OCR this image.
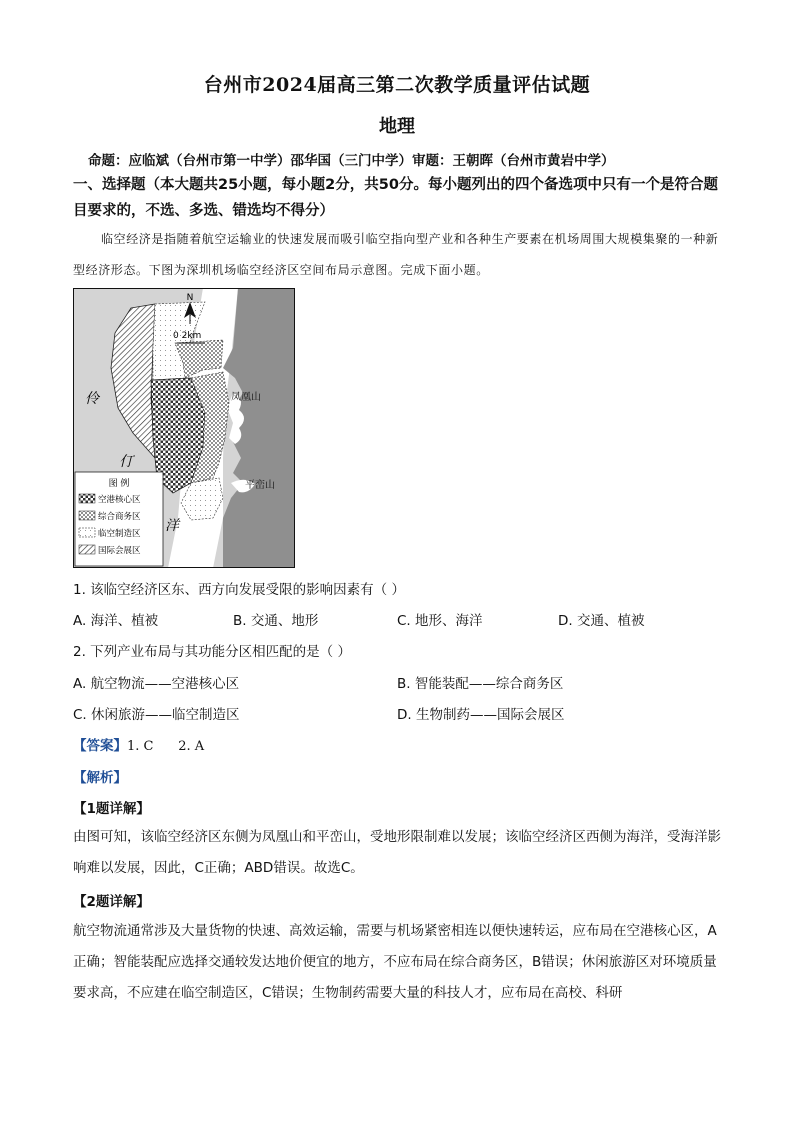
台州市2024届高三第二次教学质量评估试题
地理
命题：应临斌（台州市第一中学）邵华国（三门中学）审题：王朝晖（台州市黄岩中学）
一、选择题（本大题共25小题，每小题2分，共50分。每小题列出的四个备选项中只有一个是符合题目要求的，不选、多选、错选均不得分）
临空经济是指随着航空运输业的快速发展而吸引临空指向型产业和各种生产要素在机场周围大规模集聚的一种新型经济形态。下图为深圳机场临空经济区空间布局示意图。完成下面小题。
N
0 2km
凤凰山
平峦山
伶
仃
洋
图 例
空港核心区
综合商务区
临空制造区
国际会展区
1. 该临空经济区东、西方向发展受限的影响因素有（ ）
A. 海洋、植被	B. 交通、地形	C. 地形、海洋	D. 交通、植被
2. 下列产业布局与其功能分区相匹配的是（ ）
A. 航空物流——空港核心区	B. 智能装配——综合商务区
C. 休闲旅游——临空制造区	D. 生物制药——国际会展区
【答案】1. C      2. A
【解析】
【1题详解】
由图可知，该临空经济区东侧为凤凰山和平峦山，受地形限制难以发展；该临空经济区西侧为海洋，受海洋影响难以发展，因此，C正确；ABD错误。故选C。
【2题详解】
航空物流通常涉及大量货物的快速、高效运输，需要与机场紧密相连以便快速转运，应布局在空港核心区，A正确；智能装配应选择交通较发达地价便宜的地方，不应布局在综合商务区，B错误；休闲旅游区对环境质量要求高，不应建在临空制造区，C错误；生物制药需要大量的科技人才，应布局在高校、科研
